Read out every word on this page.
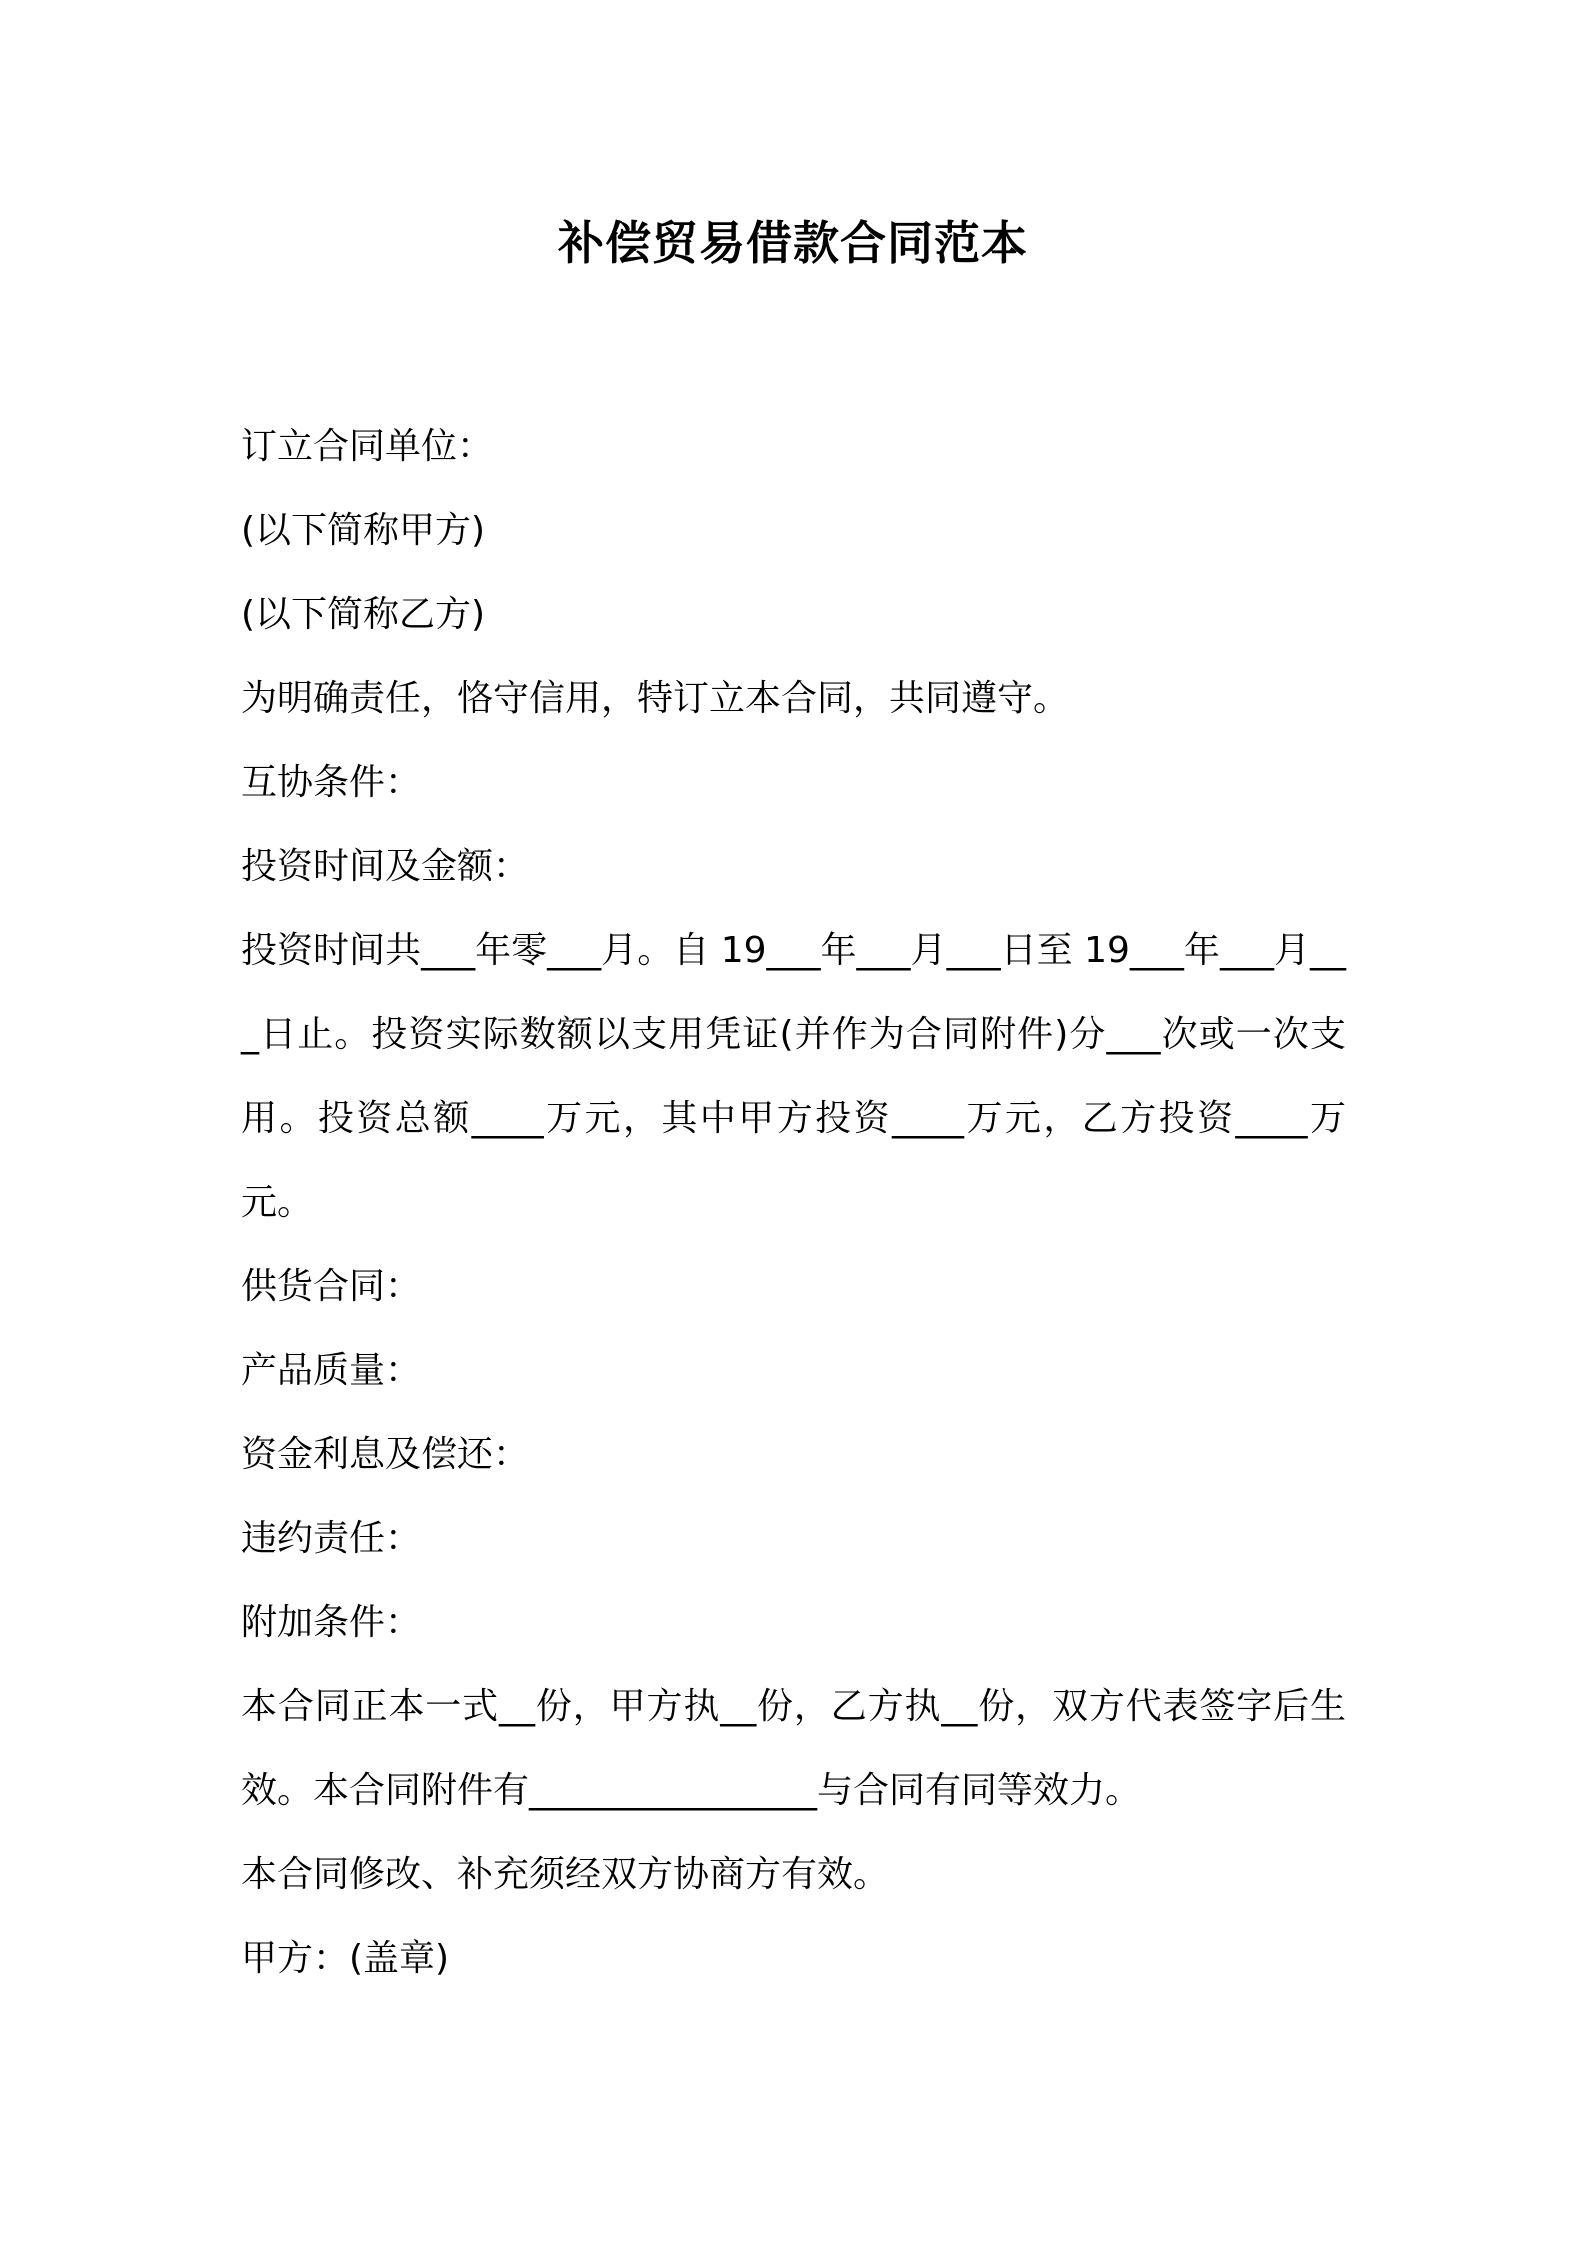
补偿贸易借款合同范本

订立合同单位：

(以下简称甲方)

(以下简称乙方)

为明确责任，恪守信用，特订立本合同，共同遵守。

互协条件：

投资时间及金额：

投资时间共___年零___月。自 19___年___月___日至 19___年___月___日止。投资实际数额以支用凭证(并作为合同附件)分___次或一次支用。投资总额____万元，其中甲方投资____万元，乙方投资____万元。

供货合同：

产品质量：

资金利息及偿还：

违约责任：

附加条件：

本合同正本一式__份，甲方执__份，乙方执__份，双方代表签字后生效。本合同附件有________________与合同有同等效力。

本合同修改、补充须经双方协商方有效。

甲方：(盖章)
